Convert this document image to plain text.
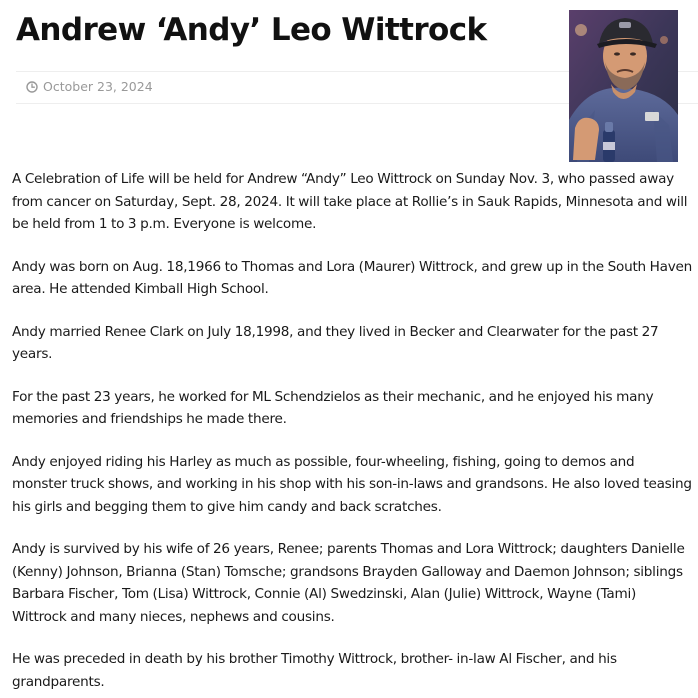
Andrew ‘Andy’ Leo Wittrock
October 23, 2024

A Celebration of Life will be held for Andrew “Andy” Leo Wittrock on Sunday Nov. 3, who passed away from cancer on Saturday, Sept. 28, 2024. It will take place at Rollie’s in Sauk Rapids, Minnesota and will be held from 1 to 3 p.m. Everyone is welcome.

Andy was born on Aug. 18,1966 to Thomas and Lora (Maurer) Wittrock, and grew up in the South Haven area. He attended Kimball High School.

Andy married Renee Clark on July 18,1998, and they lived in Becker and Clearwater for the past 27 years.

For the past 23 years, he worked for ML Schendzielos as their mechanic, and he enjoyed his many memories and friendships he made there.

Andy enjoyed riding his Harley as much as possible, four-wheeling, fishing, going to demos and monster truck shows, and working in his shop with his son-in-laws and grandsons. He also loved teasing his girls and begging them to give him candy and back scratches.

Andy is survived by his wife of 26 years, Renee; parents Thomas and Lora Wittrock; daughters Danielle (Kenny) Johnson, Brianna (Stan) Tomsche; grandsons Brayden Galloway and Daemon Johnson; siblings Barbara Fischer, Tom (Lisa) Wittrock, Connie (Al) Swedzinski, Alan (Julie) Wittrock, Wayne (Tami) Wittrock and many nieces, nephews and cousins.

He was preceded in death by his brother Timothy Wittrock, brother- in-law Al Fischer, and his grandparents.
